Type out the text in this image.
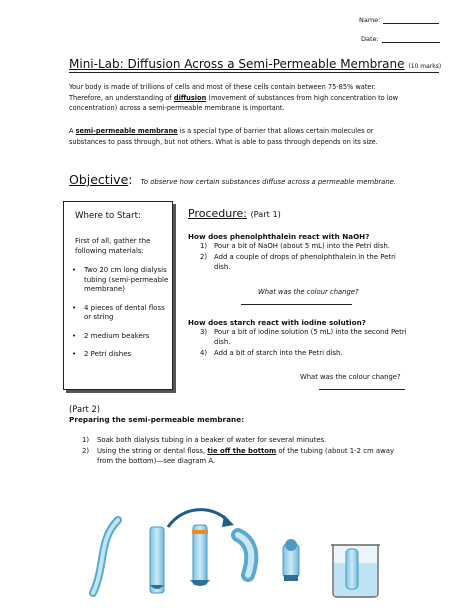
Name:
Date:
Mini-Lab: Diffusion Across a Semi-Permeable Membrane (10 marks)
Your body is made of trillions of cells and most of these cells contain between 75-85% water. Therefore, an understanding of diffusion (movement of substances from high concentration to low concentration) across a semi-permeable membrane is important.
A semi-permeable membrane is a special type of barrier that allows certain molecules or substances to pass through, but not others. What is able to pass through depends on its size.
Objective: To observe how certain substances diffuse across a permeable membrane.
Where to Start:
First of all, gather the following materials:
• Two 20 cm long dialysis tubing (semi-permeable membrane)
• 4 pieces of dental floss or string
• 2 medium beakers
• 2 Petri dishes
Procedure: (Part 1)
How does phenolphthalein react with NaOH?
1)	Pour a bit of NaOH (about 5 mL) into the Petri dish.
2)	Add a couple of drops of phenolphthalein in the Petri dish.
What was the colour change?
How does starch react with iodine solution?
3)	Pour a bit of iodine solution (5 mL) into the second Petri dish.
4)	Add a bit of starch into the Petri dish.
What was the colour change?
(Part 2)
Preparing the semi-permeable membrane:
1)	Soak both dialysis tubing in a beaker of water for several minutes.
2)	Using the string or dental floss, tie off the bottom of the tubing (about 1-2 cm away from the bottom)—see diagram A.
